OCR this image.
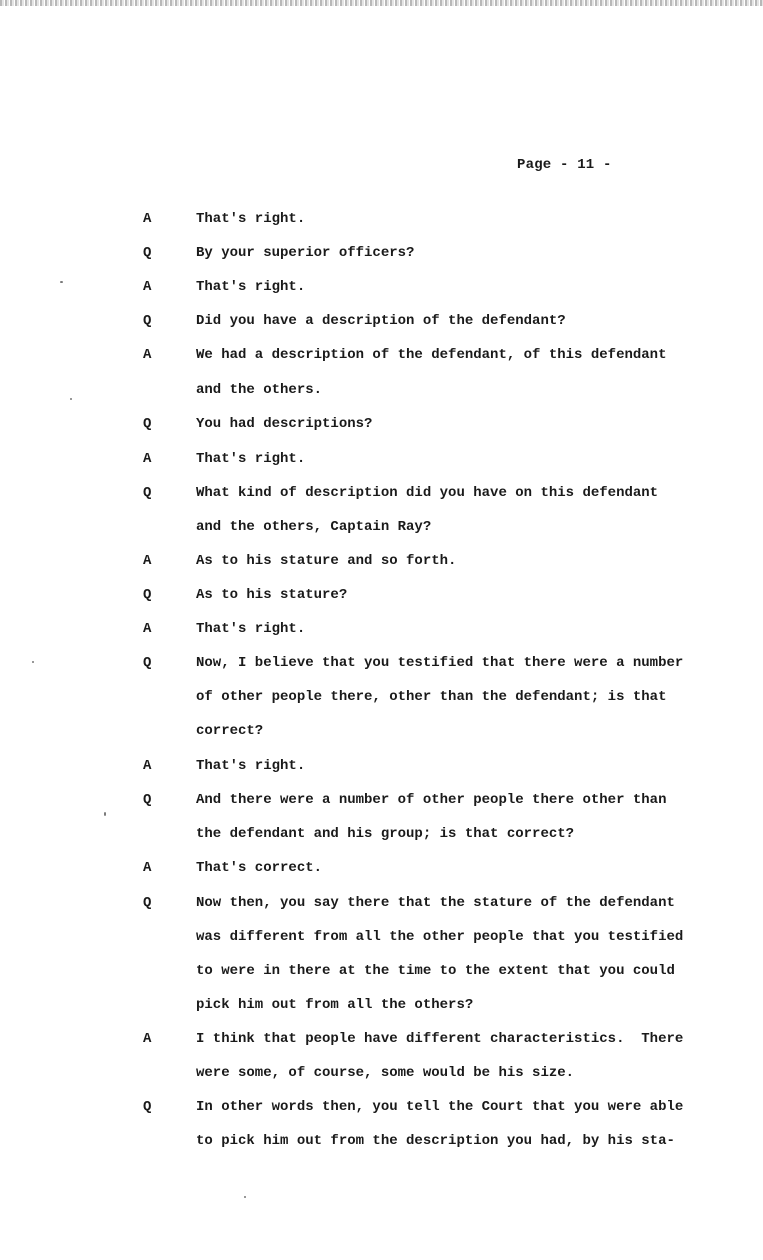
Page - 11 -
A	That's right.
Q	By your superior officers?
A	That's right.
Q	Did you have a description of the defendant?
A	We had a description of the defendant, of this defendant
and the others.
Q	You had descriptions?
A	That's right.
Q	What kind of description did you have on this defendant
and the others, Captain Ray?
A	As to his stature and so forth.
Q	As to his stature?
A	That's right.
Q	Now, I believe that you testified that there were a number
of other people there, other than the defendant; is that
correct?
A	That's right.
Q	And there were a number of other people there other than
the defendant and his group; is that correct?
A	That's correct.
Q	Now then, you say there that the stature of the defendant
was different from all the other people that you testified
to were in there at the time to the extent that you could
pick him out from all the others?
A	I think that people have different characteristics.  There
were some, of course, some would be his size.
Q	In other words then, you tell the Court that you were able
to pick him out from the description you had, by his sta-
